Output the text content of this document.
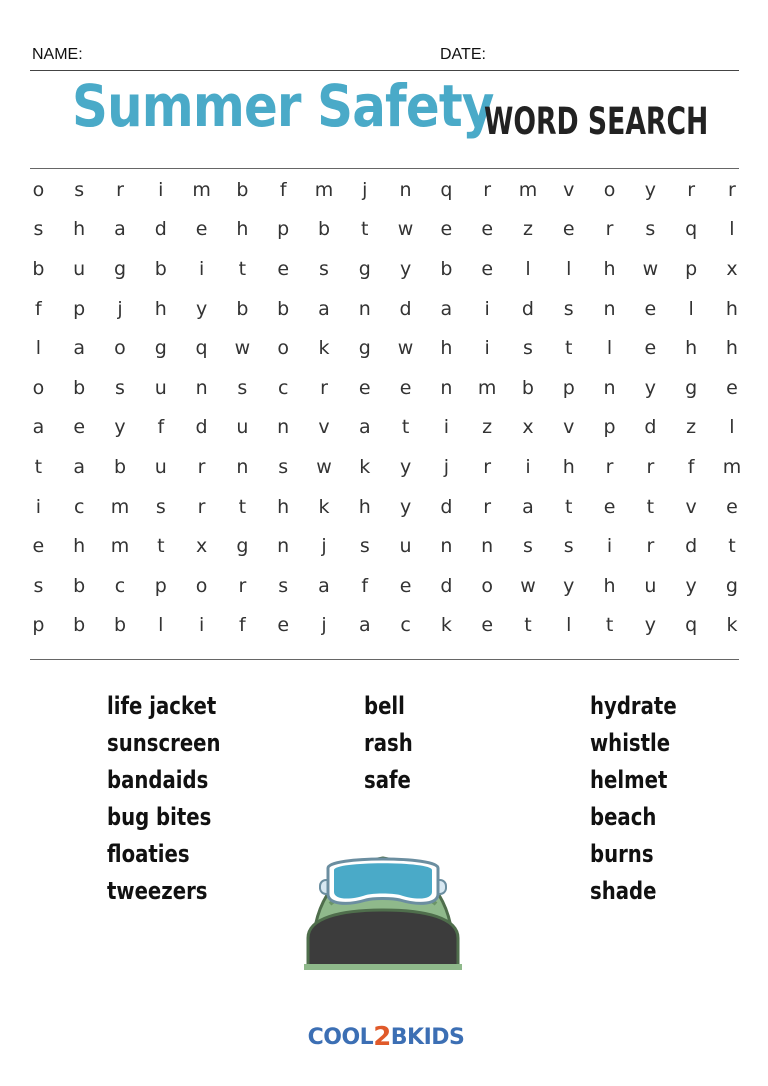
NAME:	DATE:
Summer Safety
WORD SEARCH
o	s	r	i	m	b	f	m	j	n	q	r	m	v	o	y	r	r
s	h	a	d	e	h	p	b	t	w	e	e	z	e	r	s	q	l
b	u	g	b	i	t	e	s	g	y	b	e	l	l	h	w	p	x
f	p	j	h	y	b	b	a	n	d	a	i	d	s	n	e	l	h
l	a	o	g	q	w	o	k	g	w	h	i	s	t	l	e	h	h
o	b	s	u	n	s	c	r	e	e	n	m	b	p	n	y	g	e
a	e	y	f	d	u	n	v	a	t	i	z	x	v	p	d	z	l
t	a	b	u	r	n	s	w	k	y	j	r	i	h	r	r	f	m
i	c	m	s	r	t	h	k	h	y	d	r	a	t	e	t	v	e
e	h	m	t	x	g	n	j	s	u	n	n	s	s	i	r	d	t
s	b	c	p	o	r	s	a	f	e	d	o	w	y	h	u	y	g
p	b	b	l	i	f	e	j	a	c	k	e	t	l	t	y	q	k
life jacket
sunscreen
bandaids
bug bites
floaties
tweezers
bell
rash
safe
hydrate
whistle
helmet
beach
burns
shade
COOL 2 BKIDS
